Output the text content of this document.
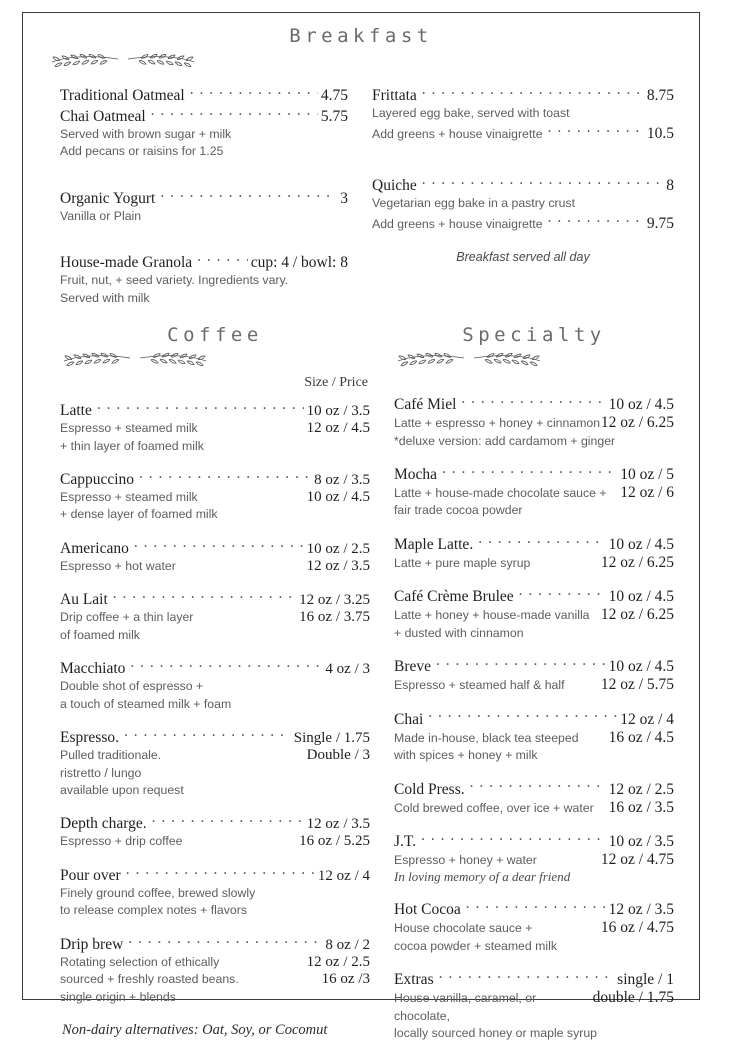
Breakfast
Traditional Oatmeal . . .	4.75
Chai Oatmeal . . .	5.75
Served with brown sugar + milk
Add pecans or raisins for 1.25
Organic Yogurt . . .	3
Vanilla or Plain
House-made Granola . . .	cup: 4 / bowl: 8
Fruit, nut, + seed variety. Ingredients vary.
Served with milk
Frittata . . .	8.75
Layered egg bake, served with toast
Add greens + house vinaigrette . . .	10.5
Quiche . . .	8
Vegetarian egg bake in a pastry crust
Add greens + house vinaigrette . . .	9.75
Breakfast served all day
Coffee
Size / Price
Latte . . .	10 oz / 3.5
Espresso + steamed milk	12 oz / 4.5
+ thin layer of foamed milk
Cappuccino . . .	8 oz / 3.5
Espresso + steamed milk	10 oz / 4.5
+ dense layer of foamed milk
Americano . . .	10 oz / 2.5
Espresso + hot water	12 oz / 3.5
Au Lait . . .	12 oz / 3.25
Drip coffee + a thin layer	16 oz / 3.75
of foamed milk
Macchiato . . .	4 oz / 3
Double shot of espresso +
a touch of steamed milk + foam
Espresso. . . .	Single / 1.75
Pulled traditionale.	Double / 3
ristretto / lungo
available upon request
Depth charge. . . .	12 oz / 3.5
Espresso + drip coffee	16 oz / 5.25
Pour over . . .	12 oz / 4
Finely ground coffee, brewed slowly
to release complex notes + flavors
Drip brew . . .	8 oz / 2
Rotating selection of ethically	12 oz / 2.5
sourced + freshly roasted beans.	16 oz /3
single origin + blends
Non-dairy alternatives: Oat, Soy, or Cocomut
Specialty
Café Miel . . .	10 oz / 4.5
Latte + espresso + honey + cinnamon 12 oz / 6.25
*deluxe version: add cardamom + ginger
Mocha . . .	10 oz / 5
Latte + house-made chocolate sauce + 12 oz / 6
fair trade cocoa powder
Maple Latte. . . .	10 oz / 4.5
Latte + pure maple syrup	12 oz / 6.25
Café Crème Brulee . . .	10 oz / 4.5
Latte + honey + house-made vanilla 12 oz / 6.25
+ dusted with cinnamon
Breve . . .	10 oz / 4.5
Espresso + steamed half & half	12 oz / 5.75
Chai . . .	12 oz / 4
Made in-house, black tea steeped	16 oz / 4.5
with spices + honey + milk
Cold Press. . . .	12 oz / 2.5
Cold brewed coffee, over ice + water 16 oz / 3.5
J.T. . . .	10 oz / 3.5
Espresso + honey + water	12 oz / 4.75
In loving memory of a dear friend
Hot Cocoa . . .	12 oz / 3.5
House chocolate sauce +	16 oz / 4.75
cocoa powder + steamed milk
Extras . . .	single / 1
House vanilla, caramel, or chocolate,
double / 1.75
locally sourced honey or maple syrup
